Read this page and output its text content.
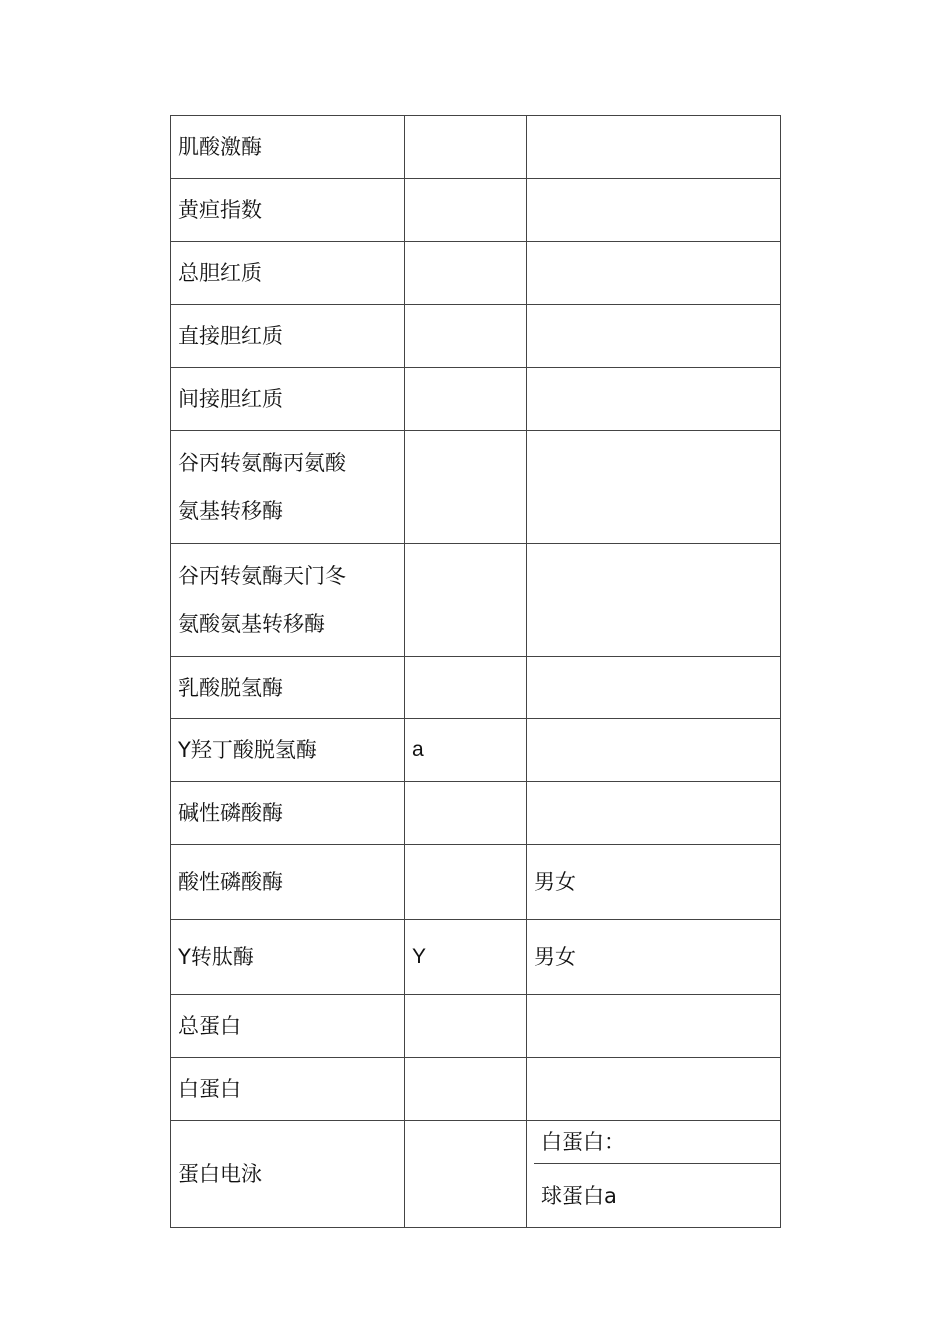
肌酸激酶		
黄疸指数		
总胆红质		
直接胆红质		
间接胆红质		

谷丙转氨酶丙氨酸
氨基转移酶		

谷丙转氨酶天门冬
氨酸氨基转移酶		

乳酸脱氢酶		
Y羟丁酸脱氢酶	a	
碱性磷酸酶		
酸性磷酸酶		男女
Y转肽酶	Y	男女
总蛋白		
白蛋白		
蛋白电泳		白蛋白：
球蛋白a
